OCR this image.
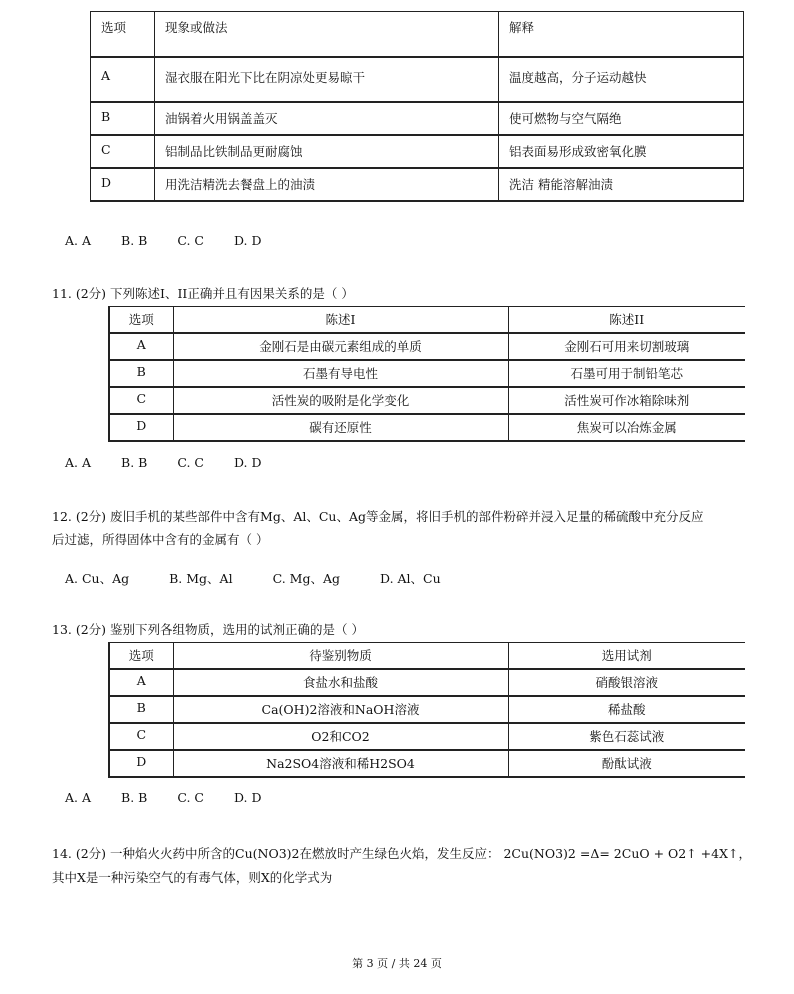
选项	现象或做法	解释
A	湿衣服在阳光下比在阴凉处更易晾干	温度越高，分子运动越快
B	油锅着火用锅盖盖灭	使可燃物与空气隔绝
C	铝制品比铁制品更耐腐蚀	铝表面易形成致密氧化膜
D	用洗洁精洗去餐盘上的油渍	洗洁 精能溶解油渍
A. A B. B C. C D. D
11. (2分) 下列陈述I、II正确并且有因果关系的是（ ）
选项	陈述I	陈述II
A	金刚石是由碳元素组成的单质	金刚石可用来切割玻璃
B	石墨有导电性	石墨可用于制铅笔芯
C	活性炭的吸附是化学变化	活性炭可作冰箱除味剂
D	碳有还原性	焦炭可以冶炼金属
A. A B. B C. C D. D
12. (2分) 废旧手机的某些部件中含有Mg、Al、Cu、Ag等金属，将旧手机的部件粉碎并浸入足量的稀硫酸中充分反应
后过滤，所得固体中含有的金属有（ ）
A. Cu、Ag	B. Mg、Al	C. Mg、Ag	D. Al、Cu
13. (2分) 鉴别下列各组物质，选用的试剂正确的是（ ）
选项	待鉴别物质	选用试剂
A	食盐水和盐酸	硝酸银溶液
B	Ca(OH)2溶液和NaOH溶液	稀盐酸
C	O2和CO2	紫色石蕊试液
D	Na2SO4溶液和稀H2SO4	酚酞试液
A. A B. B C. C D. D
14. (2分) 一种焰火火药中所含的Cu(NO3)2在燃放时产生绿色火焰，发生反应： 2Cu(NO3)2 =Δ= 2CuO + O2↑ +4X↑，
其中X是一种污染空气的有毒气体，则X的化学式为
第 3 页 / 共 24 页
